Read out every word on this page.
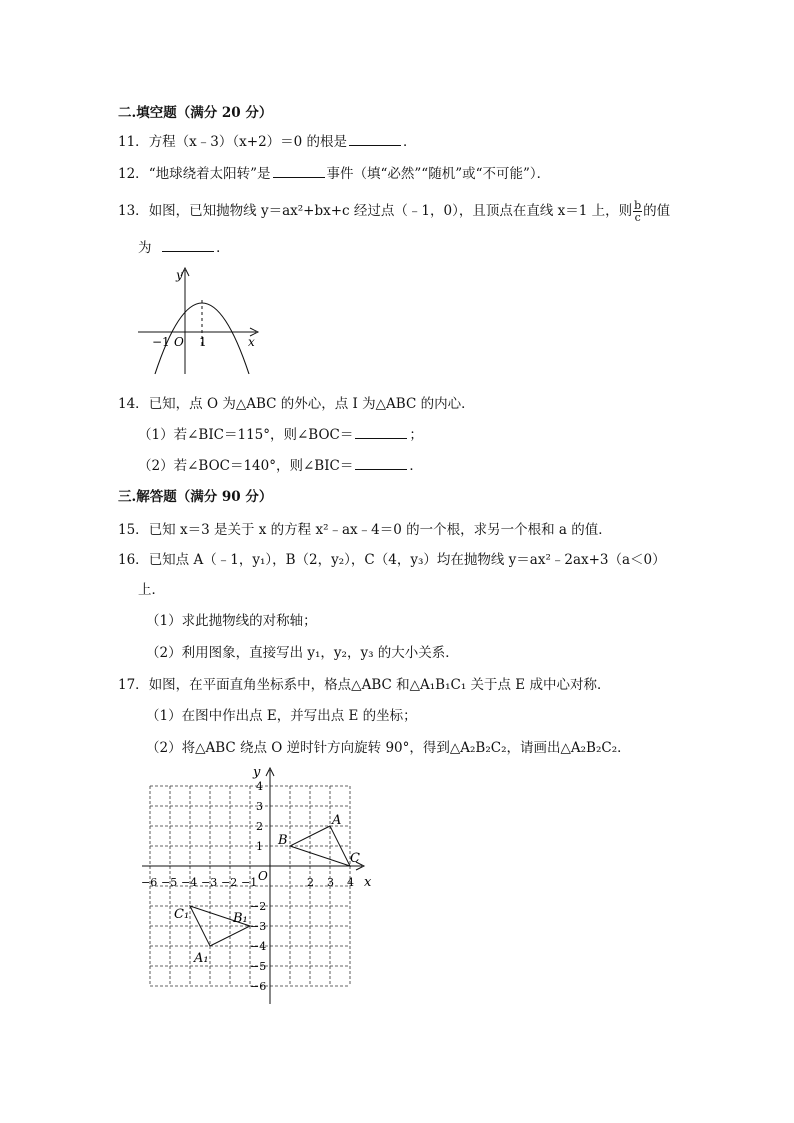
二.填空题（满分 20 分）
11．方程（x﹣3）（x+2）＝0 的根是	．
12．“地球绕着太阳转”是	事件（填“必然”“随机”或“不可能”）．
13．如图，已知抛物线 y＝ax²+bx+c 经过点（﹣1，0），且顶点在直线 x＝1 上，则 $\frac{b}{c}$ 的值
为	．
y
x
O
−1 1
14．已知，点 O 为△ABC 的外心，点 I 为△ABC 的内心．
（1）若∠BIC＝115°，则∠BOC＝	；
（2）若∠BOC＝140°，则∠BIC＝	．
三.解答题（满分 90 分）
15．已知 x＝3 是关于 x 的方程 x²﹣ax﹣4＝0 的一个根，求另一个根和 a 的值．
16．已知点 A（﹣1，y₁），B（2，y₂），C（4，y₃）均在抛物线 y＝ax²﹣2ax+3（a＜0）
上．
（1）求此抛物线的对称轴；
（2）利用图象，直接写出 y₁，y₂，y₃ 的大小关系．
17．如图，在平面直角坐标系中，格点△ABC 和△A₁B₁C₁ 关于点 E 成中心对称．
（1）在图中作出点 E，并写出点 E 的坐标；
（2）将△ABC 绕点 O 逆时针方向旋转 90°，得到△A₂B₂C₂，请画出△A₂B₂C₂．
y
x
O
−6 −5 −4 −3 −2 −1	2 3 4
4
3
2
1
−2
−3
−4
−5
−6
A
B
C
A₁
B₁
C₁
